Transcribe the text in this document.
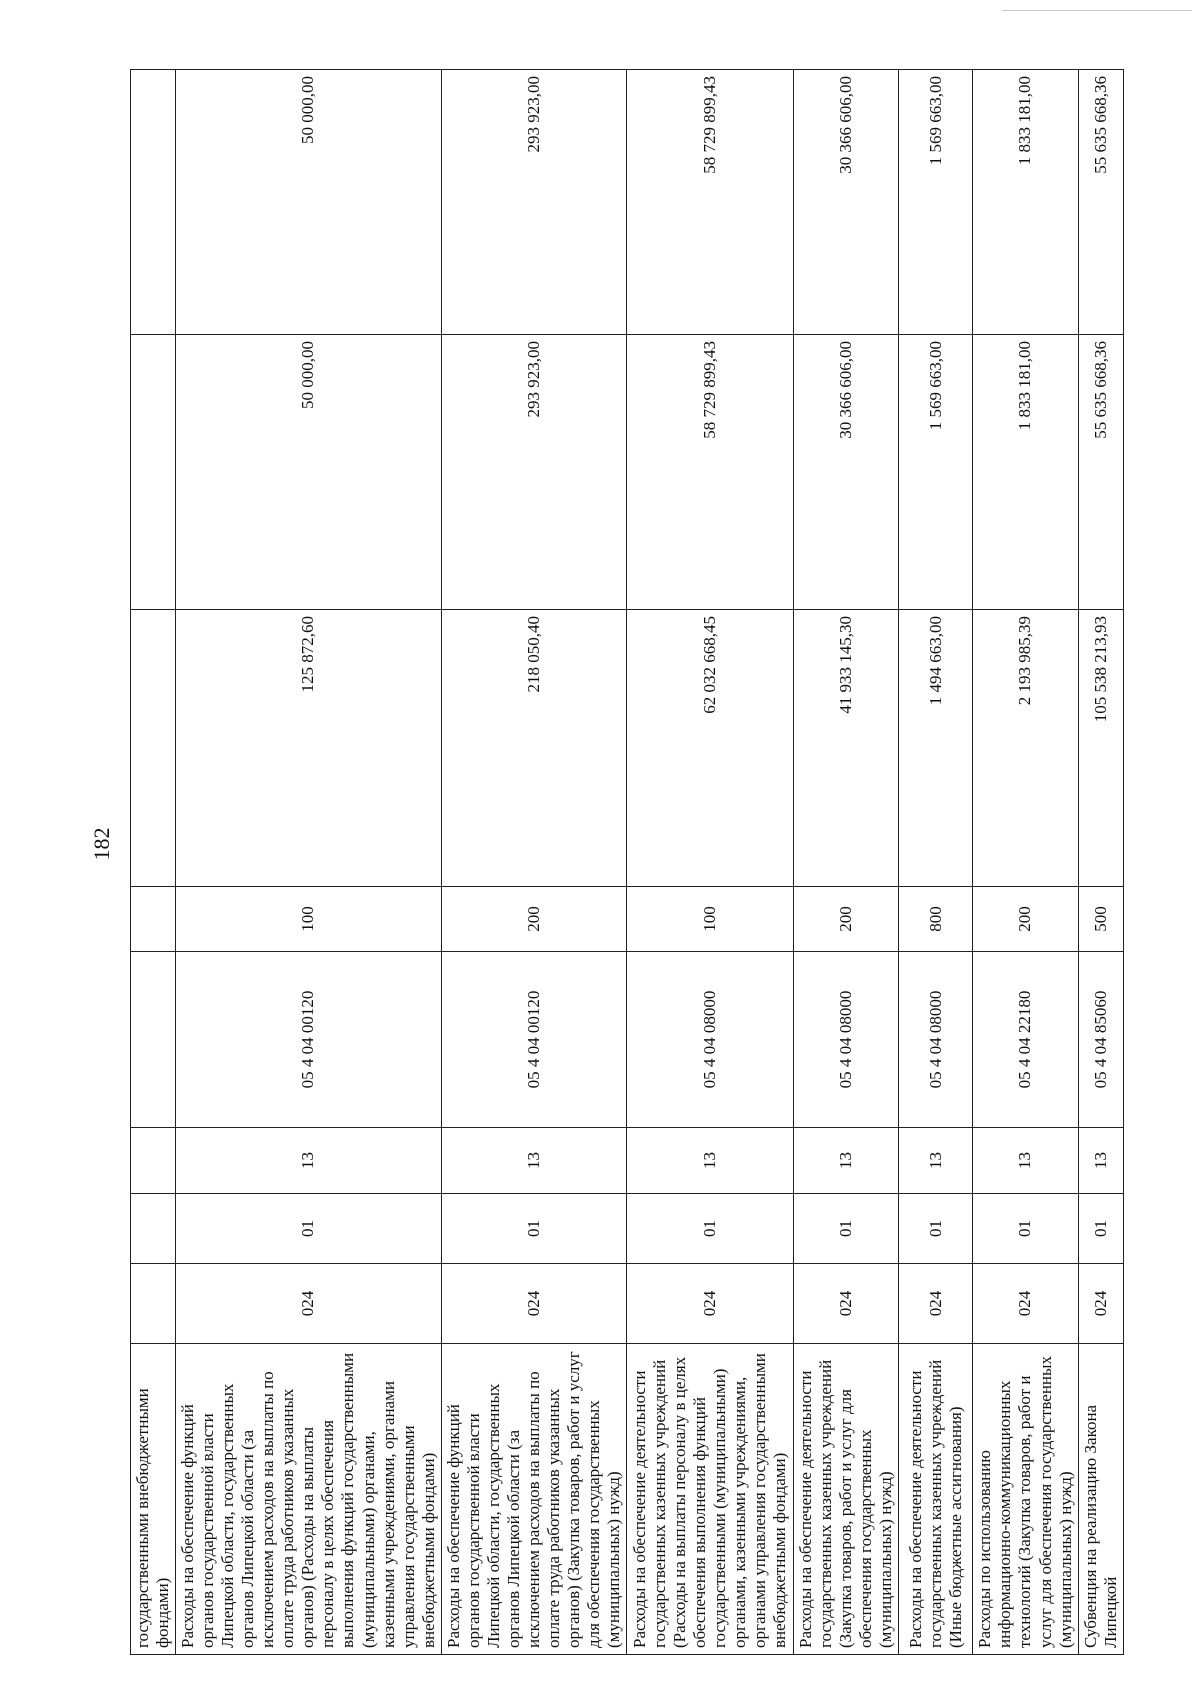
182
государственными внебюджетными фондами)								
Расходы на обеспечение функций органов государственной власти Липецкой области, государственных органов Липецкой области (за исключением расходов на выплаты по оплате труда работников указанных органов) (Расходы на выплаты персоналу в целях обеспечения выполнения функций государственными (муниципальными) органами, казенными учреждениями, органами управления государственными внебюджетными фондами)	024	01	13	05 4 04 00120	100	125 872,60	50 000,00	50 000,00
Расходы на обеспечение функций органов государственной власти Липецкой области, государственных органов Липецкой области (за исключением расходов на выплаты по оплате труда работников указанных органов) (Закупка товаров, работ и услуг для обеспечения государственных (муниципальных) нужд)	024	01	13	05 4 04 00120	200	218 050,40	293 923,00	293 923,00
Расходы на обеспечение деятельности государственных казенных учреждений (Расходы на выплаты персоналу в целях обеспечения выполнения функций государственными (муниципальными) органами, казенными учреждениями, органами управления государственными внебюджетными фондами)	024	01	13	05 4 04 08000	100	62 032 668,45	58 729 899,43	58 729 899,43
Расходы на обеспечение деятельности государственных казенных учреждений (Закупка товаров, работ и услуг для обеспечения государственных (муниципальных) нужд)	024	01	13	05 4 04 08000	200	41 933 145,30	30 366 606,00	30 366 606,00
Расходы на обеспечение деятельности государственных казенных учреждений (Иные бюджетные ассигнования)	024	01	13	05 4 04 08000	800	1 494 663,00	1 569 663,00	1 569 663,00
Расходы по использованию информационно-коммуникационных технологий (Закупка товаров, работ и услуг для обеспечения государственных (муниципальных) нужд)	024	01	13	05 4 04 22180	200	2 193 985,39	1 833 181,00	1 833 181,00
Субвенция на реализацию Закона Липецкой	024	01	13	05 4 04 85060	500	105 538 213,93	55 635 668,36	55 635 668,36
